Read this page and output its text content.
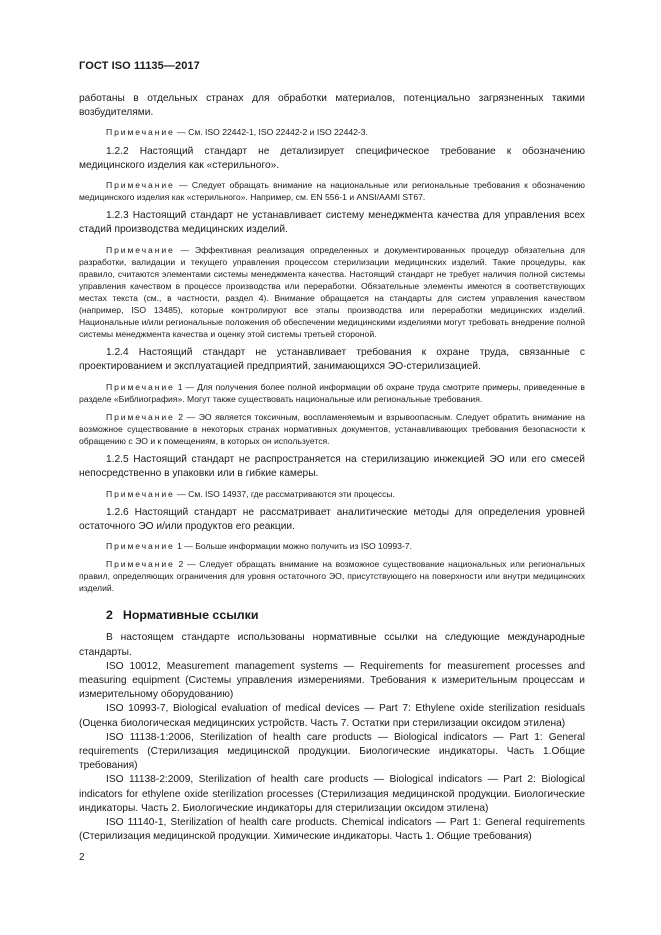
ГОСТ ISO 11135—2017

работаны в отдельных странах для обработки материалов, потенциально загрязненных такими возбудителями.

Примечание — См. ISO 22442-1, ISO 22442-2 и ISO 22442-3.

1.2.2 Настоящий стандарт не детализирует специфическое требование к обозначению медицинского изделия как «стерильного».

Примечание — Следует обращать внимание на национальные или региональные требования к обозначению медицинского изделия как «стерильного». Например, см. EN 556-1 и ANSI/AAMI ST67.

1.2.3 Настоящий стандарт не устанавливает систему менеджмента качества для управления всех стадий производства медицинских изделий.

Примечание — Эффективная реализация определенных и документированных процедур обязательна для разработки, валидации и текущего управления процессом стерилизации медицинских изделий. Такие процедуры, как правило, считаются элементами системы менеджмента качества. Настоящий стандарт не требует наличия полной системы управления качеством в процессе производства или переработки. Обязательные элементы имеются в соответствующих местах текста (см., в частности, раздел 4). Внимание обращается на стандарты для систем управления качеством (например, ISO 13485), которые контролируют все этапы производства или переработки медицинских изделий. Национальные и/или региональные положения об обеспечении медицинскими изделиями могут требовать внедрение полной системы менеджмента качества и оценку этой системы третьей стороной.

1.2.4 Настоящий стандарт не устанавливает требования к охране труда, связанные с проектированием и эксплуатацией предприятий, занимающихся ЭО-стерилизацией.

Примечание 1 — Для получения более полной информации об охране труда смотрите примеры, приведенные в разделе «Библиография». Могут также существовать национальные или региональные требования.

Примечание 2 — ЭО является токсичным, воспламеняемым и взрывоопасным. Следует обратить внимание на возможное существование в некоторых странах нормативных документов, устанавливающих требования безопасности к обращению с ЭО и к помещениям, в которых он используется.

1.2.5 Настоящий стандарт не распространяется на стерилизацию инжекцией ЭО или его смесей непосредственно в упаковки или в гибкие камеры.

Примечание — См. ISO 14937, где рассматриваются эти процессы.

1.2.6 Настоящий стандарт не рассматривает аналитические методы для определения уровней остаточного ЭО и/или продуктов его реакции.

Примечание 1 — Больше информации можно получить из ISO 10993-7.

Примечание 2 — Следует обращать внимание на возможное существование национальных или региональных правил, определяющих ограничения для уровня остаточного ЭО, присутствующего на поверхности или внутри медицинских изделий.

2 Нормативные ссылки

В настоящем стандарте использованы нормативные ссылки на следующие международные стандарты.

ISO 10012, Measurement management systems — Requirements for measurement processes and measuring equipment (Системы управления измерениями. Требования к измерительным процессам и измерительному оборудованию)

ISO 10993-7, Biological evaluation of medical devices — Part 7: Ethylene oxide sterilization residuals (Оценка биологическая медицинских устройств. Часть 7. Остатки при стерилизации оксидом этилена)

ISO 11138-1:2006, Sterilization of health care products — Biological indicators — Part 1: General requirements (Стерилизация медицинской продукции. Биологические индикаторы. Часть 1.Общие требования)

ISO 11138-2:2009, Sterilization of health care products — Biological indicators — Part 2: Biological indicators for ethylene oxide sterilization processes (Стерилизация медицинской продукции. Биологические индикаторы. Часть 2. Биологические индикаторы для стерилизации оксидом этилена)

ISO 11140-1, Sterilization of health care products. Chemical indicators — Part 1: General requirements (Стерилизация медицинской продукции. Химические индикаторы. Часть 1. Общие требования)

2
